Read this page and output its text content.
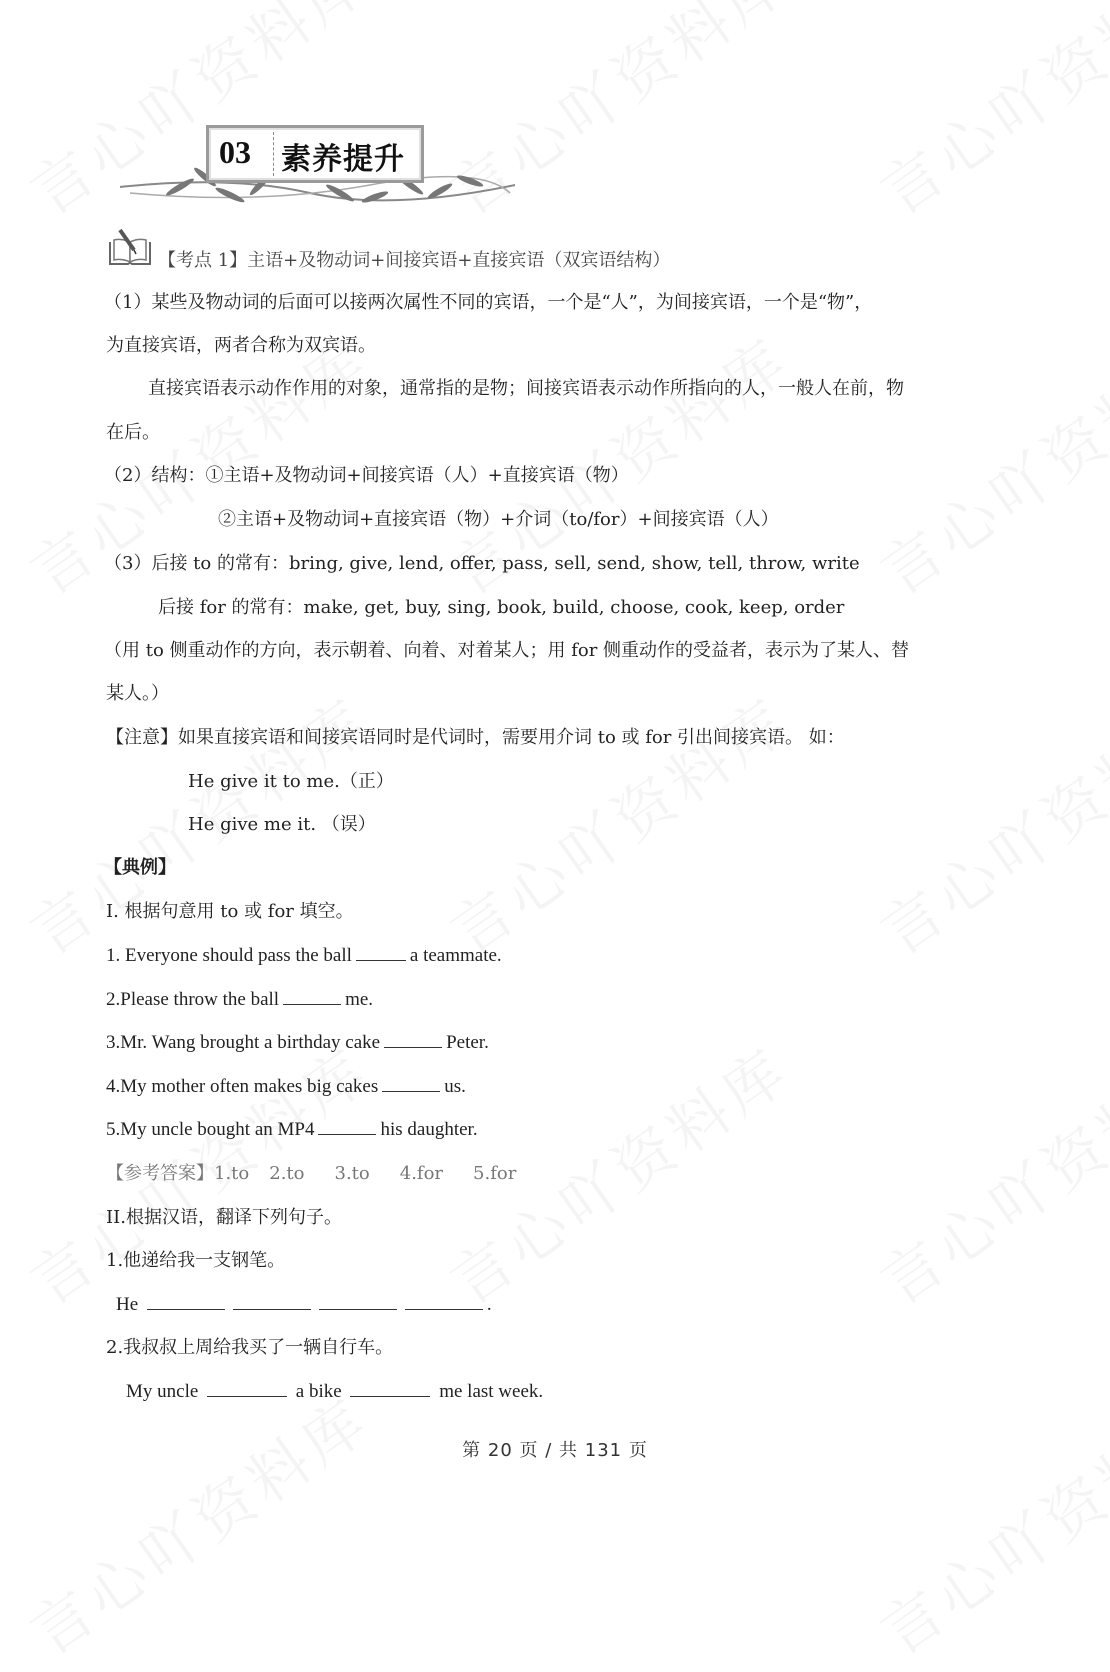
03 素养提升
【考点 1】主语+及物动词+间接宾语+直接宾语（双宾语结构）
（1）某些及物动词的后面可以接两次属性不同的宾语，一个是“人”，为间接宾语，一个是“物”，
为直接宾语，两者合称为双宾语。
直接宾语表示动作作用的对象，通常指的是物；间接宾语表示动作所指向的人，一般人在前，物
在后。
（2）结构：①主语+及物动词+间接宾语（人）+直接宾语（物）
②主语+及物动词+直接宾语（物）+介词（to/for）+间接宾语（人）
（3）后接 to 的常有：bring, give, lend, offer, pass, sell, send, show, tell, throw, write
后接 for 的常有：make, get, buy, sing, book, build, choose, cook, keep, order
（用 to 侧重动作的方向，表示朝着、向着、对着某人；用 for 侧重动作的受益者，表示为了某人、替
某人。）
【注意】如果直接宾语和间接宾语同时是代词时，需要用介词 to 或 for 引出间接宾语。 如：
He give it to me.（正）
He give me it. （误）
【典例】
I. 根据句意用 to 或 for 填空。
1. Everyone should pass the ball	a teammate.
2.Please throw the ball	me.
3.Mr. Wang brought a birthday cake	Peter.
4.My mother often makes big cakes	us.
5.My uncle bought an MP4	his daughter.
【参考答案】1.to 2.to 3.to 4.for 5.for
II.根据汉语，翻译下列句子。
1.他递给我一支钢笔。
He	.
2.我叔叔上周给我买了一辆自行车。
My uncle	a bike	me last week.
第 20 页 / 共 131 页
